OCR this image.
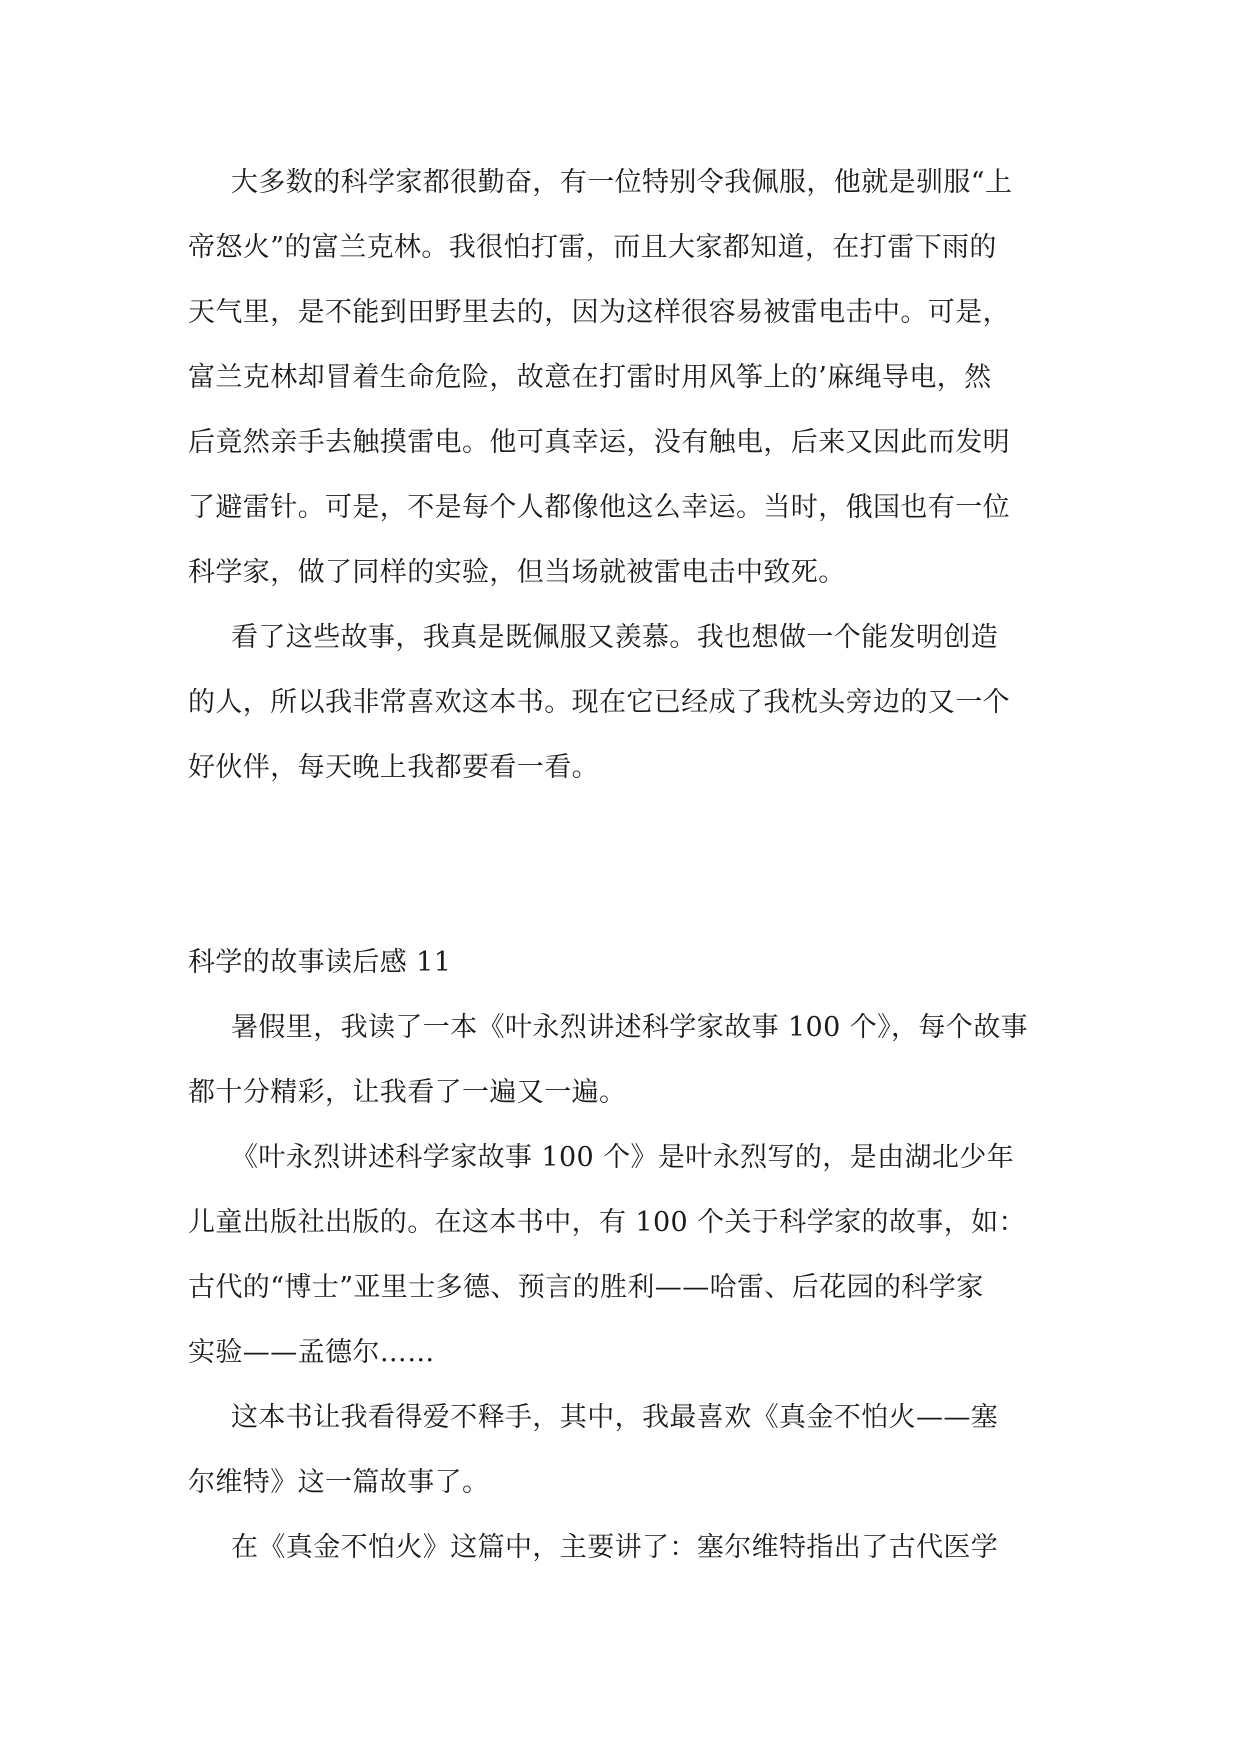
大多数的科学家都很勤奋，有一位特别令我佩服，他就是驯服“上
帝怒火”的富兰克林。我很怕打雷，而且大家都知道，在打雷下雨的
天气里，是不能到田野里去的，因为这样很容易被雷电击中。可是，
富兰克林却冒着生命危险，故意在打雷时用风筝上的’麻绳导电，然
后竟然亲手去触摸雷电。他可真幸运，没有触电，后来又因此而发明
了避雷针。可是，不是每个人都像他这么幸运。当时，俄国也有一位
科学家，做了同样的实验，但当场就被雷电击中致死。
看了这些故事，我真是既佩服又羡慕。我也想做一个能发明创造
的人，所以我非常喜欢这本书。现在它已经成了我枕头旁边的又一个
好伙伴，每天晚上我都要看一看。
科学的故事读后感 11
暑假里，我读了一本《叶永烈讲述科学家故事 100 个》，每个故事
都十分精彩，让我看了一遍又一遍。
《叶永烈讲述科学家故事 100 个》是叶永烈写的，是由湖北少年
儿童出版社出版的。在这本书中，有 100 个关于科学家的故事，如：
古代的“博士”亚里士多德、预言的胜利——哈雷、后花园的科学家
实验——孟德尔……
这本书让我看得爱不释手，其中，我最喜欢《真金不怕火——塞
尔维特》这一篇故事了。
在《真金不怕火》这篇中，主要讲了：塞尔维特指出了古代医学
